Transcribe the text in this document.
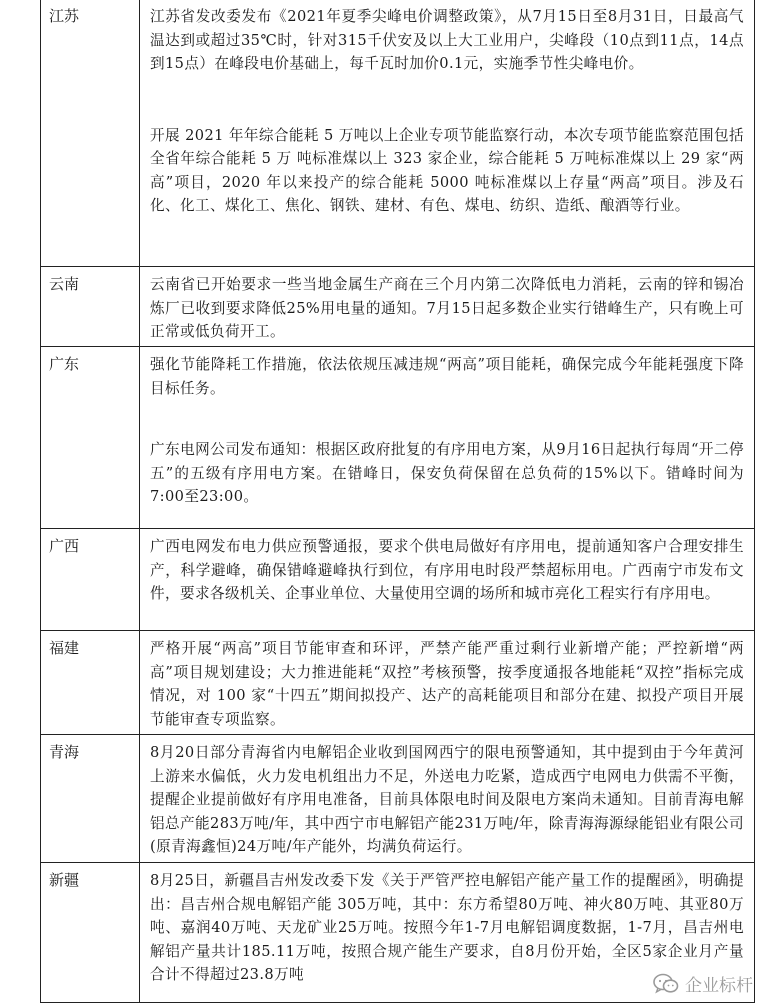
江苏	江苏省发改委发布《2021年夏季尖峰电价调整政策》，从7月15日至8月31日，日最高气温达到或超过35℃时，针对315千伏安及以上大工业用户，尖峰段（10点到11点，14点到15点）在峰段电价基础上，每千瓦时加价0.1元，实施季节性尖峰电价。

开展 2021 年年综合能耗 5 万吨以上企业专项节能监察行动，本次专项节能监察范围包括全省年综合能耗 5 万 吨标准煤以上 323 家企业，综合能耗 5 万吨标准煤以上 29 家“两高”项目，2020 年以来投产的综合能耗 5000 吨标准煤以上存量“两高”项目。涉及石化、化工、煤化工、焦化、钢铁、建材、有色、煤电、纺织、造纸、酿酒等行业。

云南	云南省已开始要求一些当地金属生产商在三个月内第二次降低电力消耗，云南的锌和锡冶炼厂已收到要求降低25%用电量的通知。7月15日起多数企业实行错峰生产，只有晚上可正常或低负荷开工。

广东	强化节能降耗工作措施，依法依规压减违规“两高”项目能耗，确保完成今年能耗强度下降目标任务。

广东电网公司发布通知：根据区政府批复的有序用电方案，从9月16日起执行每周“开二停五”的五级有序用电方案。在错峰日，保安负荷保留在总负荷的15%以下。错峰时间为7:00至23:00。

广西	广西电网发布电力供应预警通报，要求个供电局做好有序用电，提前通知客户合理安排生产，科学避峰，确保错峰避峰执行到位，有序用电时段严禁超标用电。广西南宁市发布文件，要求各级机关、企事业单位、大量使用空调的场所和城市亮化工程实行有序用电。

福建	严格开展“两高”项目节能审查和环评，严禁产能严重过剩行业新增产能；严控新增“两高”项目规划建设；大力推进能耗“双控”考核预警，按季度通报各地能耗“双控”指标完成情况，对 100 家“十四五”期间拟投产、达产的高耗能项目和部分在建、拟投产项目开展节能审查专项监察。

青海	8月20日部分青海省内电解铝企业收到国网西宁的限电预警通知，其中提到由于今年黄河上游来水偏低，火力发电机组出力不足，外送电力吃紧，造成西宁电网电力供需不平衡，提醒企业提前做好有序用电准备，目前具体限电时间及限电方案尚未通知。目前青海电解铝总产能283万吨/年，其中西宁市电解铝产能231万吨/年，除青海海源绿能铝业有限公司(原青海鑫恒)24万吨/年产能外，均满负荷运行。

新疆	8月25日，新疆昌吉州发改委下发《关于严管严控电解铝产能产量工作的提醒函》，明确提出：昌吉州合规电解铝产能 305万吨，其中：东方希望80万吨、神火80万吨、其亚80万吨、嘉润40万吨、天龙矿业25万吨。按照今年1-7月电解铝调度数据，1-7月，昌吉州电解铝产量共计185.11万吨，按照合规产能生产要求，自8月份开始，全区5家企业月产量合计不得超过23.8万吨

企业标杆
